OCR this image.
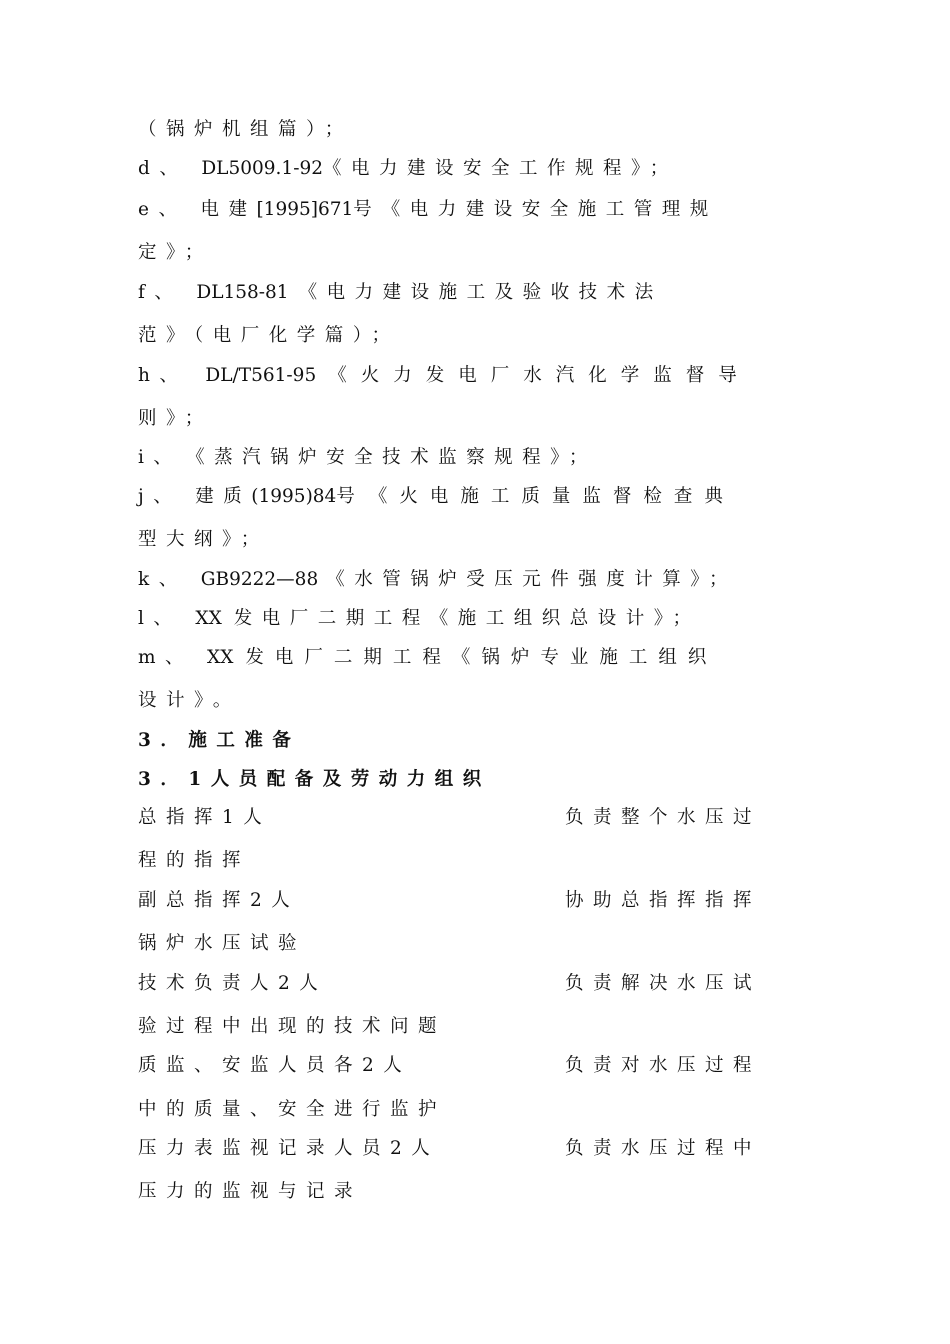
（锅炉机组篇）；
d、 DL5009.1-92《电力建设安全工作规程》；
e、 电建[1995]671号 《电力建设安全施工管理规
定》；
f、 DL158-81 《电力建设施工及验收技术法
范》（电厂化学篇）；
h、 DL/T561-95 《火力发电厂水汽化学监督导
则》；
i、 《蒸汽锅炉安全技术监察规程》；
j、 建质(1995)84号 《火电施工质量监督检查典
型大纲》；
k、 GB9222—88 《水管锅炉受压元件强度计算》；
l、 XX 发电厂二期工程《施工组织总设计》；
m、 XX 发电厂二期工程《锅炉专业施工组织
设计》。
3．施工准备
3．1人员配备及劳动力组织
总指挥1人	负责整个水压过
程的指挥
副总指挥2人	协助总指挥指挥
锅炉水压试验
技术负责人2人	负责解决水压试
验过程中出现的技术问题
质监、安监人员各2人	负责对水压过程
中的质量、安全进行监护
压力表监视记录人员2人	负责水压过程中
压力的监视与记录
